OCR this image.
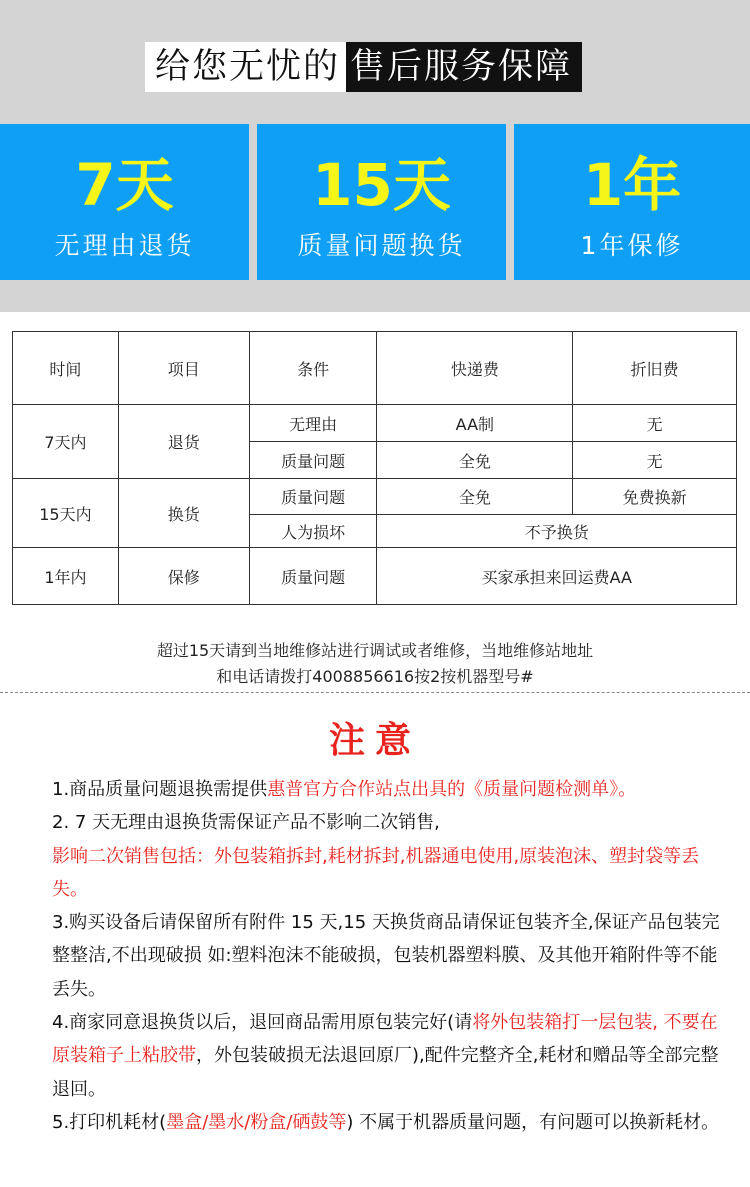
给您无忧的 售后服务保障
7天
无理由退货
15天
质量问题换货
1年
1年保修
时间	项目	条件	快递费	折旧费
7天内	退货	无理由	AA制	无
		质量问题	全免	无
15天内	换货	质量问题	全免	免费换新
		人为损坏	不予换货	
1年内	保修	质量问题	买家承担来回运费AA	
超过15天请到当地维修站进行调试或者维修，当地维修站地址
和电话请拨打4008856616按2按机器型号#
注意

1.商品质量问题退换需提供惠普官方合作站点出具的《质量问题检测单》。

2. 7 天无理由退换货需保证产品不影响二次销售,

影响二次销售包括：外包装箱拆封,耗材拆封,机器通电使用,原装泡沫、塑封袋等丢失。

3.购买设备后请保留所有附件 15 天,15 天换货商品请保证包装齐全,保证产品包装完整整洁,不出现破损 如:塑料泡沫不能破损，包装机器塑料膜、及其他开箱附件等不能丢失。

4.商家同意退换货以后，退回商品需用原包装完好(请将外包装箱打一层包装, 不要在原装箱子上粘胶带，外包装破损无法退回原厂),配件完整齐全,耗材和赠品等全部完整退回。

5.打印机耗材(墨盒/墨水/粉盒/硒鼓等) 不属于机器质量问题，有问题可以换新耗材。
